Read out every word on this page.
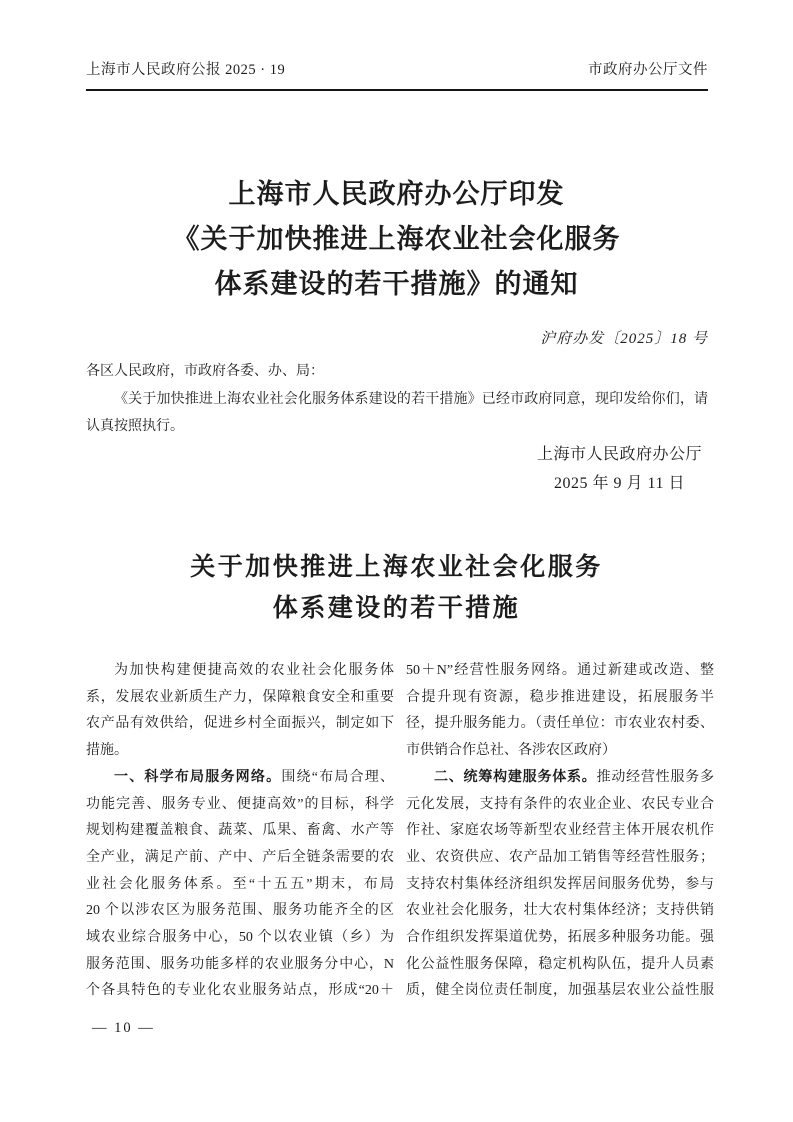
上海市人民政府公报 2025 · 19	市政府办公厅文件
上海市人民政府办公厅印发
《关于加快推进上海农业社会化服务
体系建设的若干措施》的通知
沪府办发〔2025〕18 号
各区人民政府，市政府各委、办、局：
《关于加快推进上海农业社会化服务体系建设的若干措施》已经市政府同意，现印发给你们，请
认真按照执行。
上海市人民政府办公厅
2025 年 9 月 11 日
关于加快推进上海农业社会化服务
体系建设的若干措施
为加快构建便捷高效的农业社会化服务体
系，发展农业新质生产力，保障粮食安全和重要
农产品有效供给，促进乡村全面振兴，制定如下
措施。
一、科学布局服务网络。围绕“布局合理、
功能完善、服务专业、便捷高效”的目标，科学
规划构建覆盖粮食、蔬菜、瓜果、畜禽、水产等
全产业，满足产前、产中、产后全链条需要的农
业社会化服务体系。至“十五五”期末，布局
20 个以涉农区为服务范围、服务功能齐全的区
域农业综合服务中心，50 个以农业镇（乡）为
服务范围、服务功能多样的农业服务分中心，N
个各具特色的专业化农业服务站点，形成“20＋
50＋N”经营性服务网络。通过新建或改造、整
合提升现有资源，稳步推进建设，拓展服务半
径，提升服务能力。（责任单位：市农业农村委、
市供销合作总社、各涉农区政府）
二、统筹构建服务体系。推动经营性服务多
元化发展，支持有条件的农业企业、农民专业合
作社、家庭农场等新型农业经营主体开展农机作
业、农资供应、农产品加工销售等经营性服务；
支持农村集体经济组织发挥居间服务优势，参与
农业社会化服务，壮大农村集体经济；支持供销
合作组织发挥渠道优势，拓展多种服务功能。强
化公益性服务保障，稳定机构队伍，提升人员素
质，健全岗位责任制度，加强基层农业公益性服
— 10 —
